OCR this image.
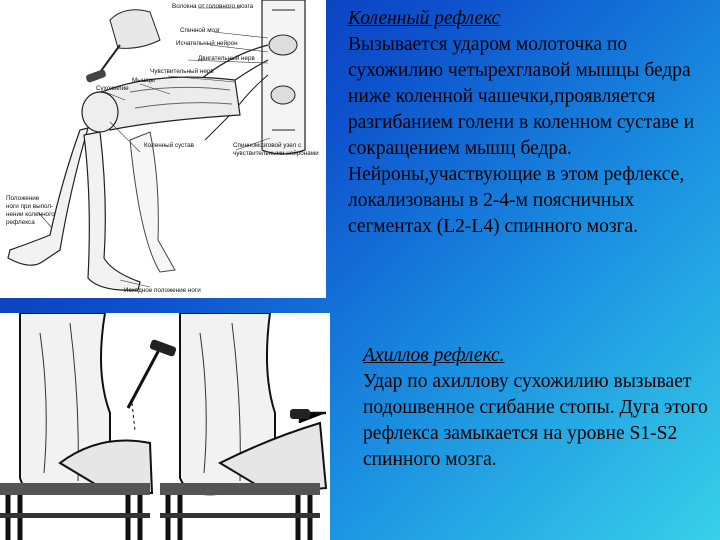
Волокна от головного мозга
Спинной мозг
Исчательный нейрон
Двигательный нерв
Чувствительный нерв
Мышцы
Сухожилие
Коленный сустав	Спинномозговой узел с чувствительными нейронами
Положение ноги при выпол- нении коленного рефлекса
Исходное положение ноги
Коленный рефлекс
Вызывается ударом молоточка по сухожилию четырехглавой мышцы бедра ниже коленной чашечки,проявляется разгибанием голени в коленном суставе и сокращением мышц бедра. Нейроны,участвующие в этом рефлексе, локализованы в 2-4-м поясничных сегментах (L2-L4) спинного мозга.
Ахиллов рефлекс.
Удар по ахиллову сухожилию вызывает подошвенное сгибание стопы. Дуга этого рефлекса замыкается на уровне S1-S2 спинного мозга.
